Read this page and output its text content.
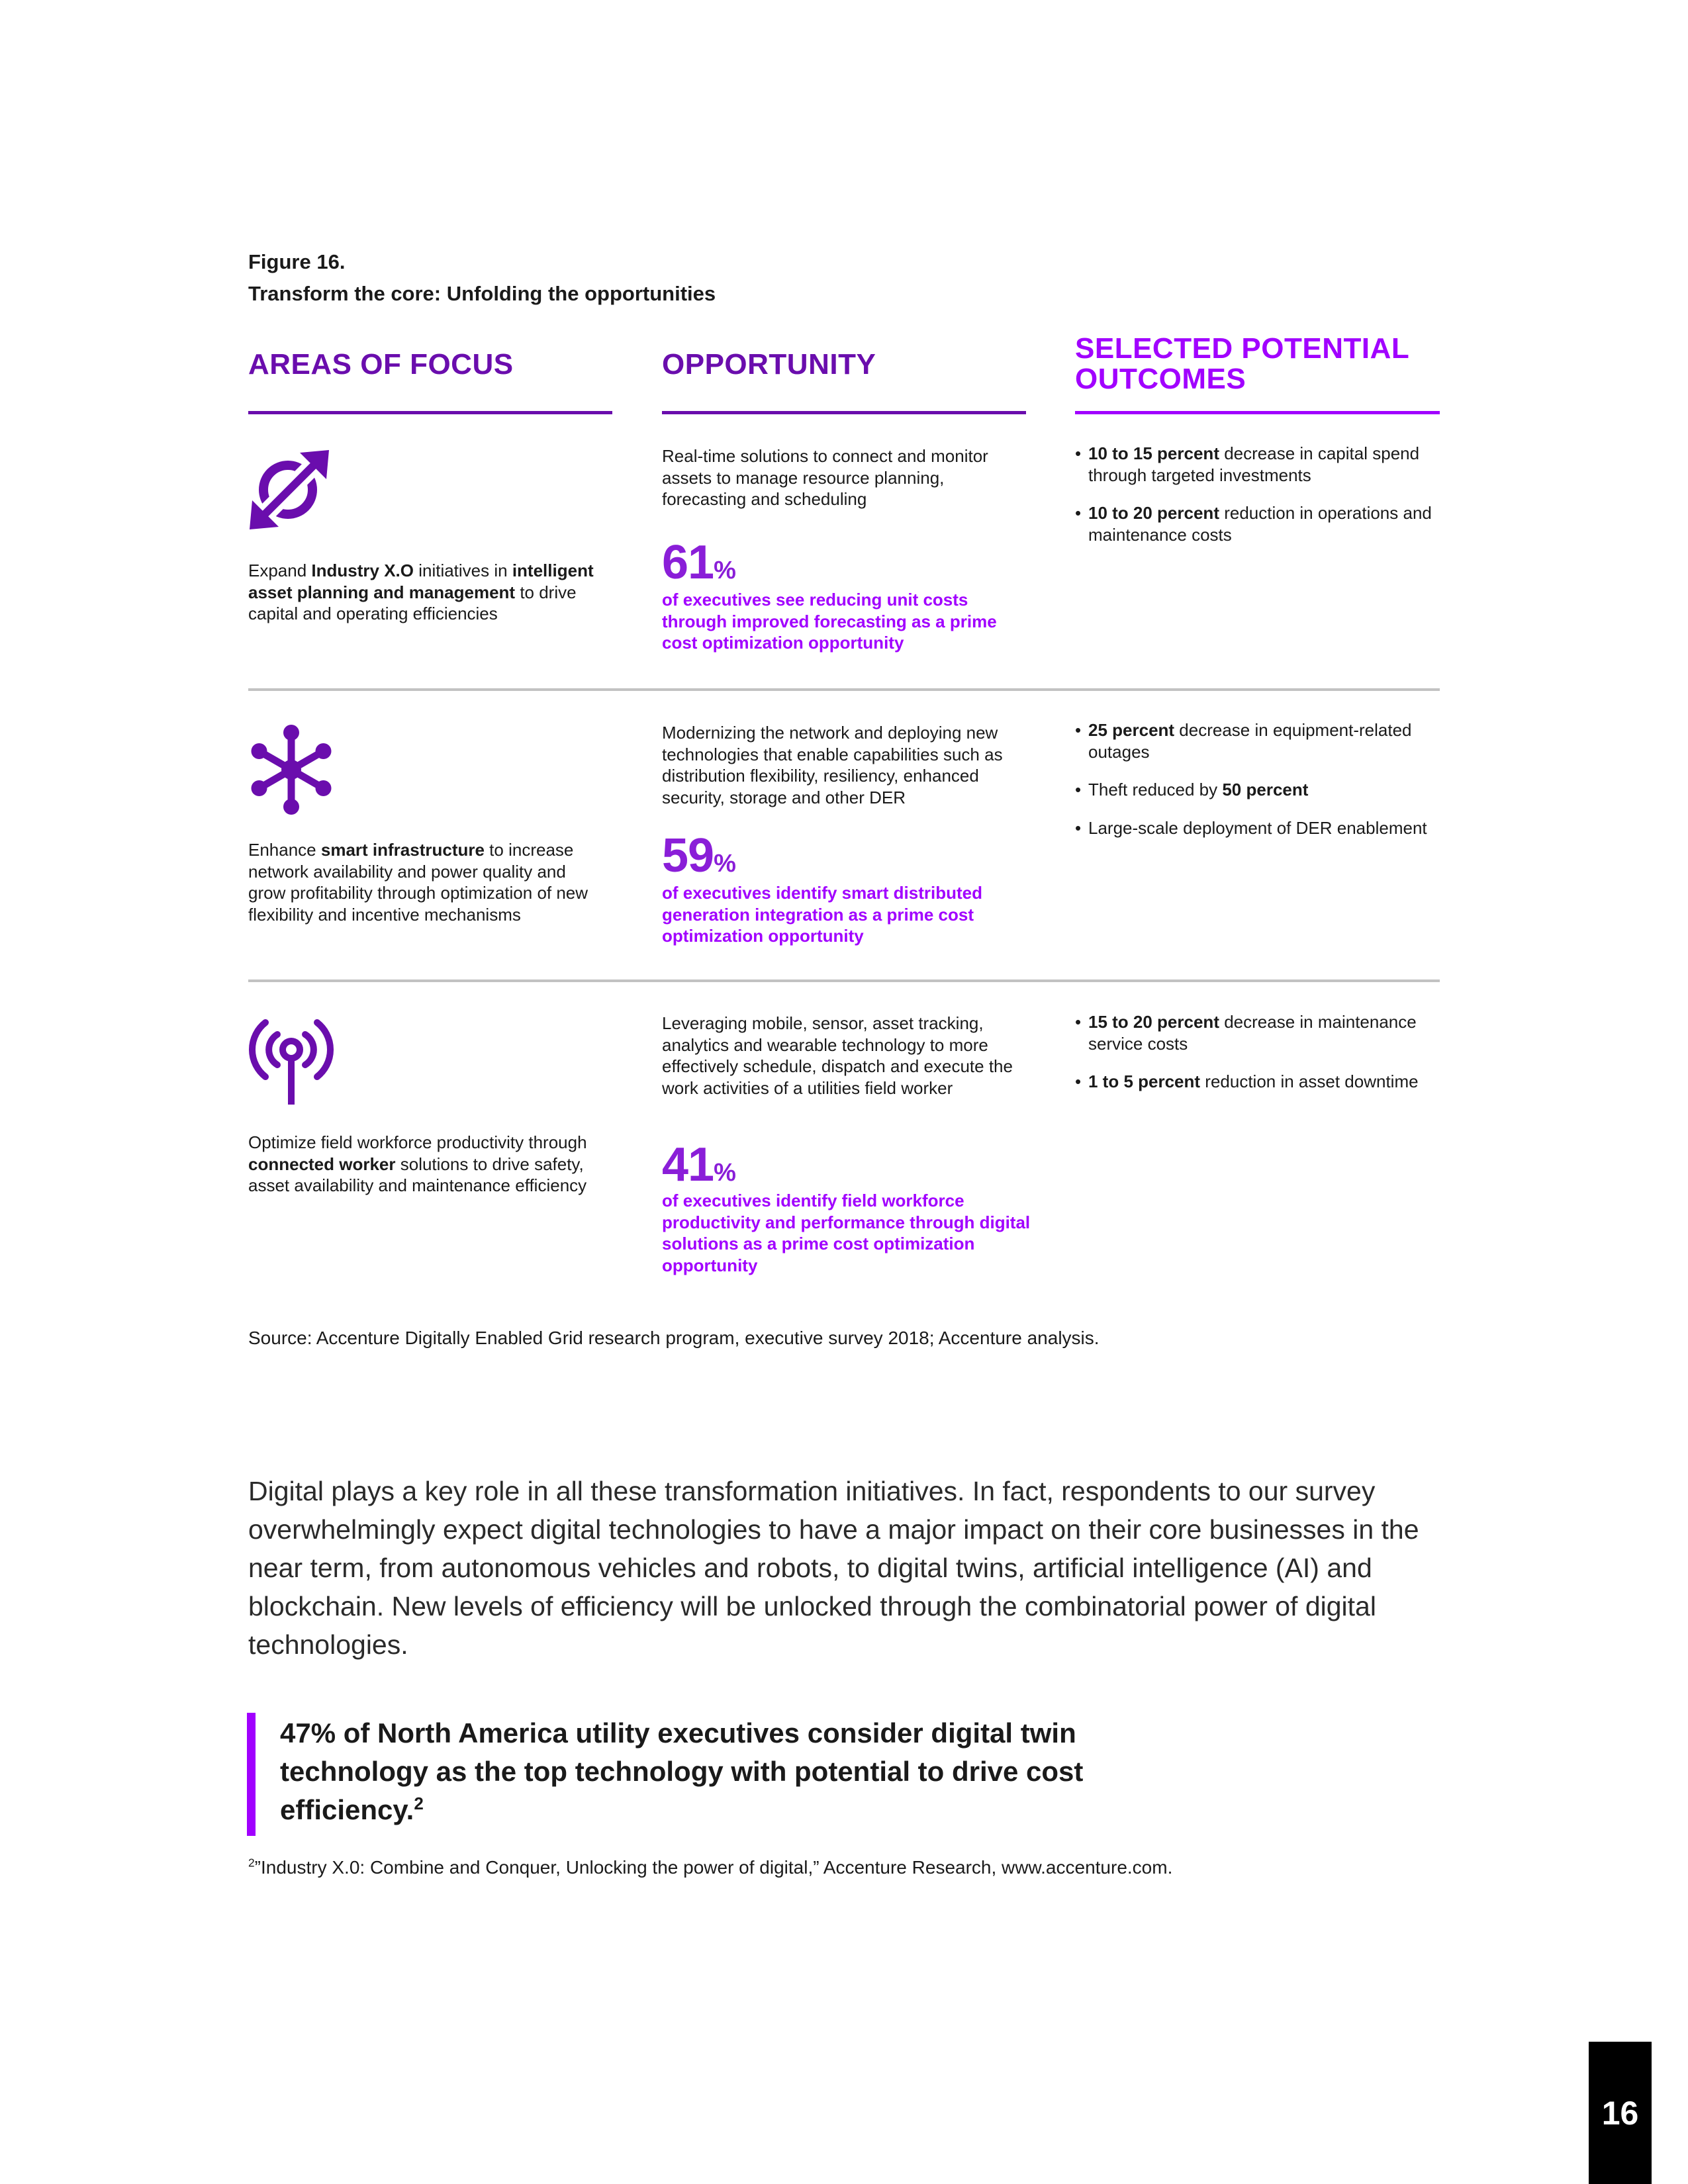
Figure 16.
Transform the core: Unfolding the opportunities
AREAS OF FOCUS	OPPORTUNITY	SELECTED POTENTIAL
OUTCOMES
Expand Industry X.O initiatives in intelligent asset planning and management to drive capital and operating efficiencies
Real-time solutions to connect and monitor assets to manage resource planning, forecasting and scheduling
61%
of executives see reducing unit costs through improved forecasting as a prime cost optimization opportunity
• 10 to 15 percent decrease in capital spend through targeted investments
• 10 to 20 percent reduction in operations and maintenance costs
Enhance smart infrastructure to increase network availability and power quality and grow profitability through optimization of new flexibility and incentive mechanisms
Modernizing the network and deploying new technologies that enable capabilities such as distribution flexibility, resiliency, enhanced security, storage and other DER
59%
of executives identify smart distributed generation integration as a prime cost optimization opportunity
• 25 percent decrease in equipment-related outages
• Theft reduced by 50 percent
• Large-scale deployment of DER enablement
Optimize field workforce productivity through connected worker solutions to drive safety, asset availability and maintenance efficiency
Leveraging mobile, sensor, asset tracking, analytics and wearable technology to more effectively schedule, dispatch and execute the work activities of a utilities field worker
41%
of executives identify field workforce productivity and performance through digital solutions as a prime cost optimization opportunity
• 15 to 20 percent decrease in maintenance service costs
• 1 to 5 percent reduction in asset downtime
Source: Accenture Digitally Enabled Grid research program, executive survey 2018; Accenture analysis.
Digital plays a key role in all these transformation initiatives. In fact, respondents to our survey overwhelmingly expect digital technologies to have a major impact on their core businesses in the near term, from autonomous vehicles and robots, to digital twins, artificial intelligence (AI) and blockchain. New levels of efficiency will be unlocked through the combinatorial power of digital technologies.
47% of North America utility executives consider digital twin technology as the top technology with potential to drive cost efficiency.$^2$
$^2$”Industry X.0: Combine and Conquer, Unlocking the power of digital,” Accenture Research, www.accenture.com.
16
